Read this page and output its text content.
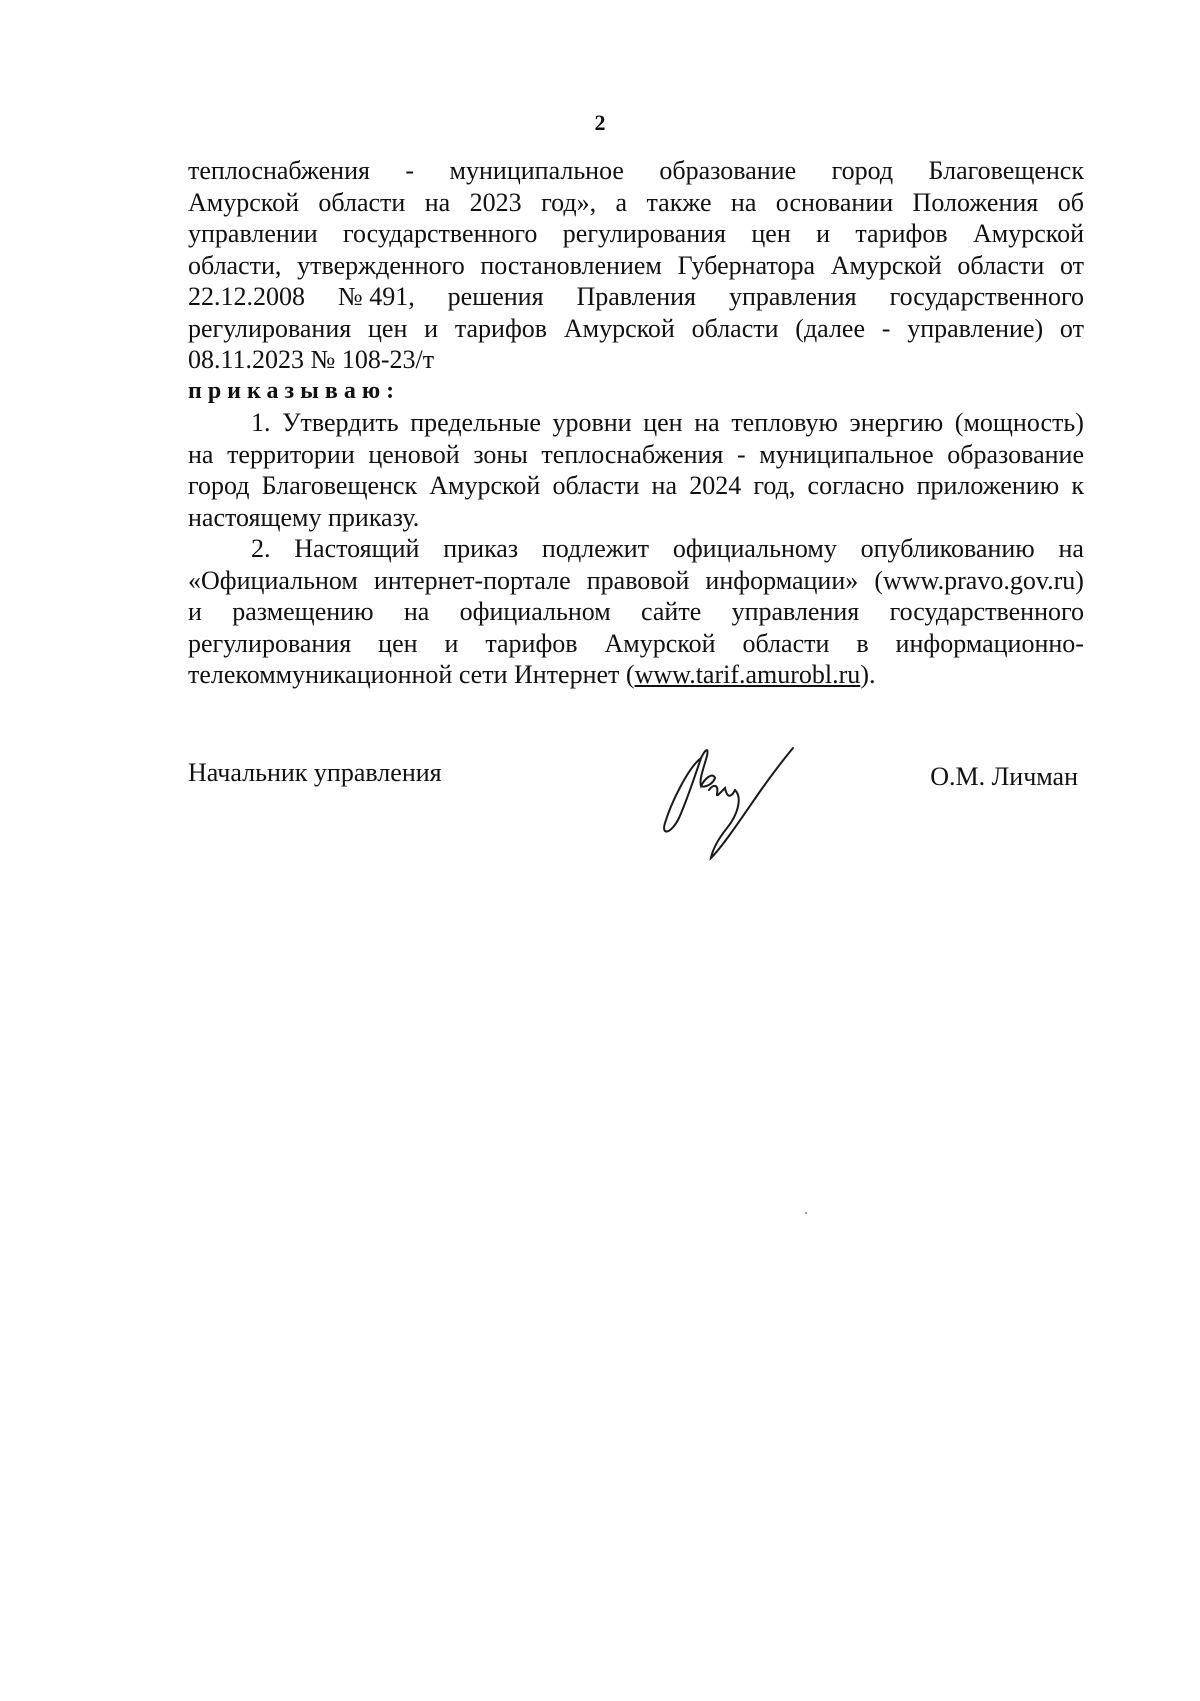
2
теплоснабжения - муниципальное образование город Благовещенск
Амурской области на 2023 год», а также на основании Положения об
управлении государственного регулирования цен и тарифов Амурской
области, утвержденного постановлением Губернатора Амурской области от
22.12.2008 № 491, решения Правления управления государственного
регулирования цен и тарифов Амурской области (далее - управление) от
08.11.2023 № 108-23/т
приказываю:
1. Утвердить предельные уровни цен на тепловую энергию (мощность)
на территории ценовой зоны теплоснабжения - муниципальное образование
город Благовещенск Амурской области на 2024 год, согласно приложению к
настоящему приказу.
2. Настоящий приказ подлежит официальному опубликованию на
«Официальном интернет-портале правовой информации» (www.pravo.gov.ru)
и размещению на официальном сайте управления государственного
регулирования цен и тарифов Амурской области в информационно-
телекоммуникационной сети Интернет (www.tarif.amurobl.ru).
Начальник управления	О.М. Личман
